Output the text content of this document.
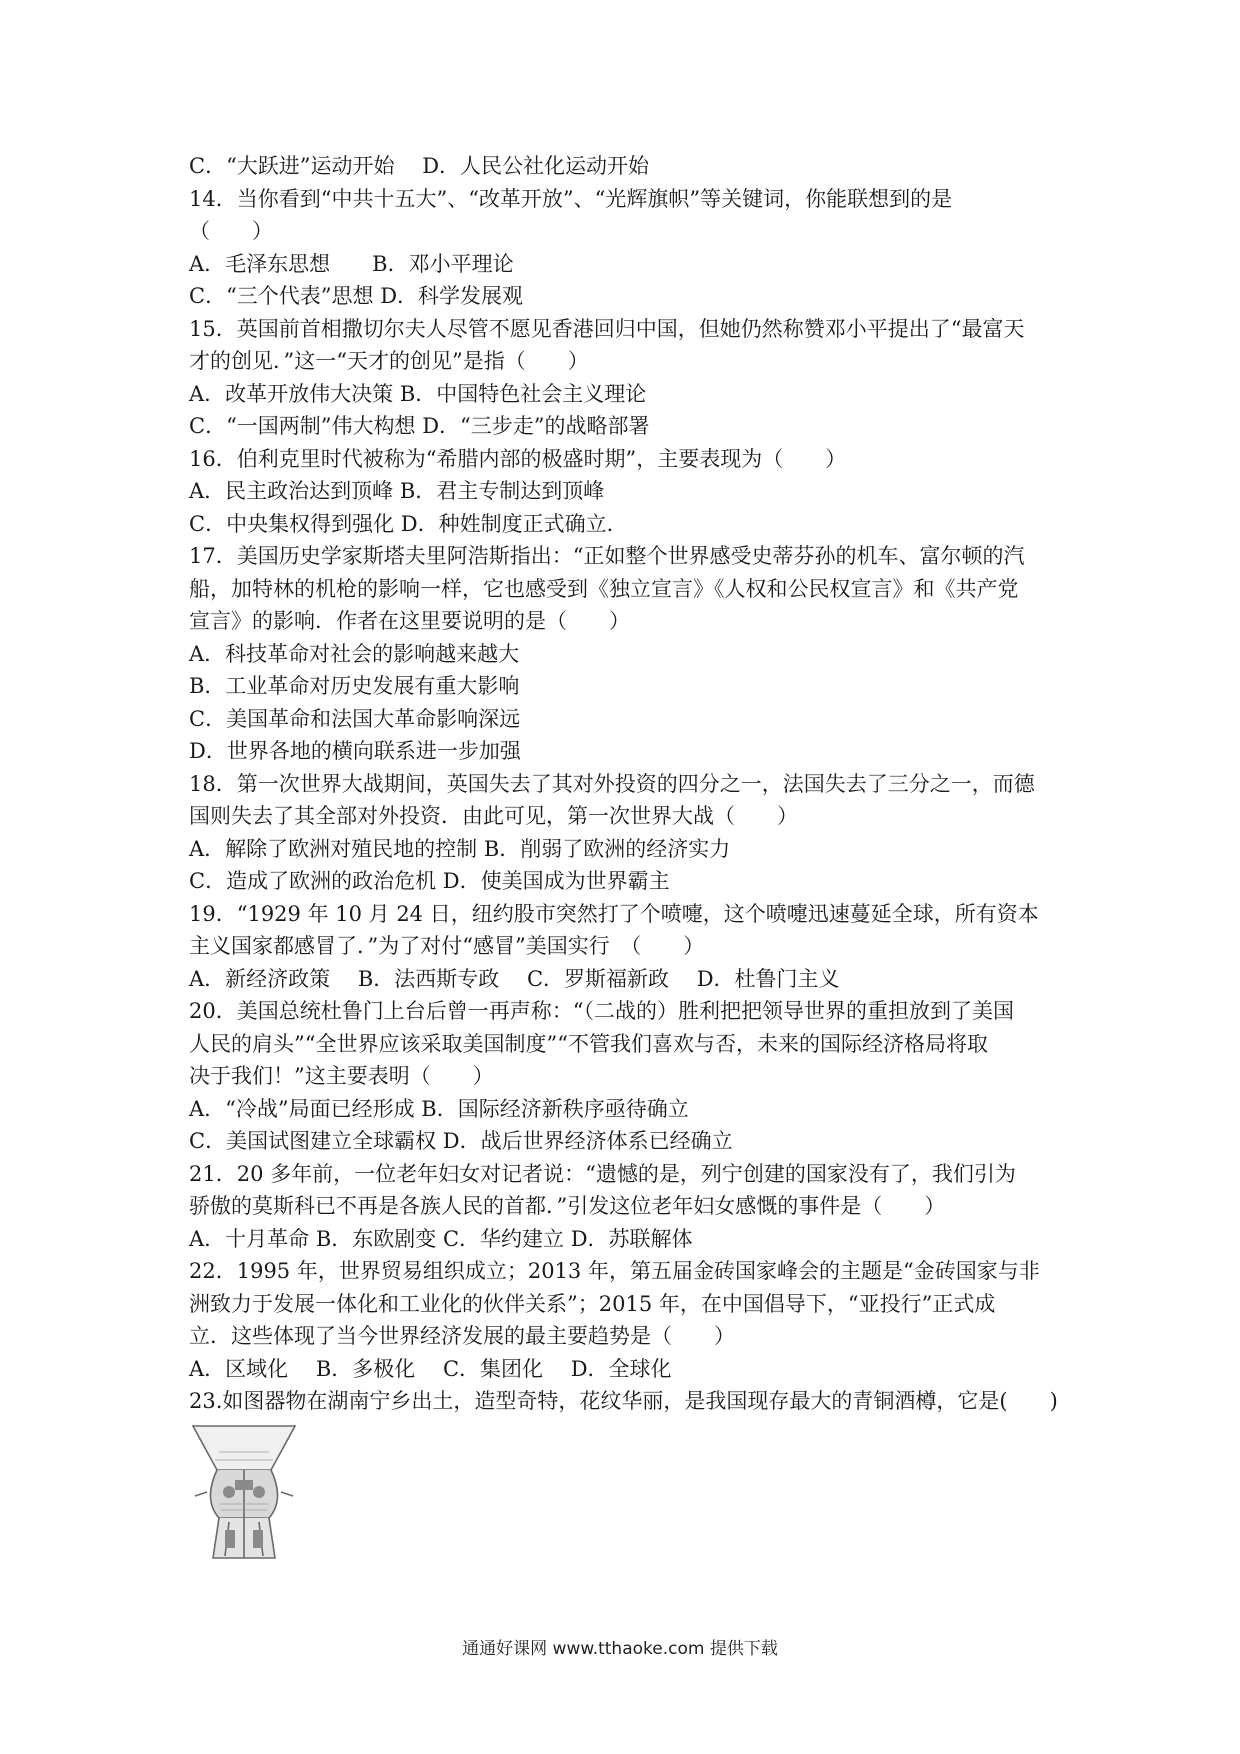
C．“大跃进”运动开始　 D．人民公社化运动开始
14．当你看到“中共十五大”、“改革开放”、“光辉旗帜”等关键词，你能联想到的是
（　　）
A．毛泽东思想　　B．邓小平理论
C．“三个代表”思想 D．科学发展观
15．英国前首相撒切尔夫人尽管不愿见香港回归中国，但她仍然称赞邓小平提出了“最富天
才的创见．”这一“天才的创见”是指（　　）
A．改革开放伟大决策 B．中国特色社会主义理论
C．“一国两制”伟大构想 D．“三步走”的战略部署
16．伯利克里时代被称为“希腊内部的极盛时期”，主要表现为（　　）
A．民主政治达到顶峰 B．君主专制达到顶峰
C．中央集权得到强化 D．种姓制度正式确立．
17．美国历史学家斯塔夫里阿浩斯指出：“正如整个世界感受史蒂芬孙的机车、富尔顿的汽
船，加特林的机枪的影响一样，它也感受到《独立宣言》《人权和公民权宣言》和《共产党
宣言》的影响．作者在这里要说明的是（　　）
A．科技革命对社会的影响越来越大
B．工业革命对历史发展有重大影响
C．美国革命和法国大革命影响深远
D．世界各地的横向联系进一步加强
18．第一次世界大战期间，英国失去了其对外投资的四分之一，法国失去了三分之一，而德
国则失去了其全部对外投资．由此可见，第一次世界大战（　　）
A．解除了欧洲对殖民地的控制 B．削弱了欧洲的经济实力
C．造成了欧洲的政治危机 D．使美国成为世界霸主
19．“1929 年 10 月 24 日，纽约股市突然打了个喷嚏，这个喷嚏迅速蔓延全球，所有资本
主义国家都感冒了．”为了对付“感冒”美国实行　（　　）
A．新经济政策　 B．法西斯专政　 C．罗斯福新政　 D．杜鲁门主义
20．美国总统杜鲁门上台后曾一再声称：“（二战的）胜利把把领导世界的重担放到了美国
人民的肩头”“全世界应该采取美国制度”“不管我们喜欢与否，未来的国际经济格局将取
决于我们！”这主要表明（　　）
A．“冷战”局面已经形成 B．国际经济新秩序亟待确立
C．美国试图建立全球霸权 D．战后世界经济体系已经确立
21．20 多年前，一位老年妇女对记者说：“遗憾的是，列宁创建的国家没有了，我们引为
骄傲的莫斯科已不再是各族人民的首都．”引发这位老年妇女感慨的事件是（　　）
A．十月革命 B．东欧剧变 C．华约建立 D．苏联解体
22．1995 年，世界贸易组织成立；2013 年，第五届金砖国家峰会的主题是“金砖国家与非
洲致力于发展一体化和工业化的伙伴关系”；2015 年，在中国倡导下，“亚投行”正式成
立．这些体现了当今世界经济发展的最主要趋势是（　　）
A．区域化　 B．多极化　 C．集团化　 D．全球化
23.如图器物在湖南宁乡出土，造型奇特，花纹华丽，是我国现存最大的青铜酒樽，它是(　　)
通通好课网 www.tthaoke.com 提供下载
